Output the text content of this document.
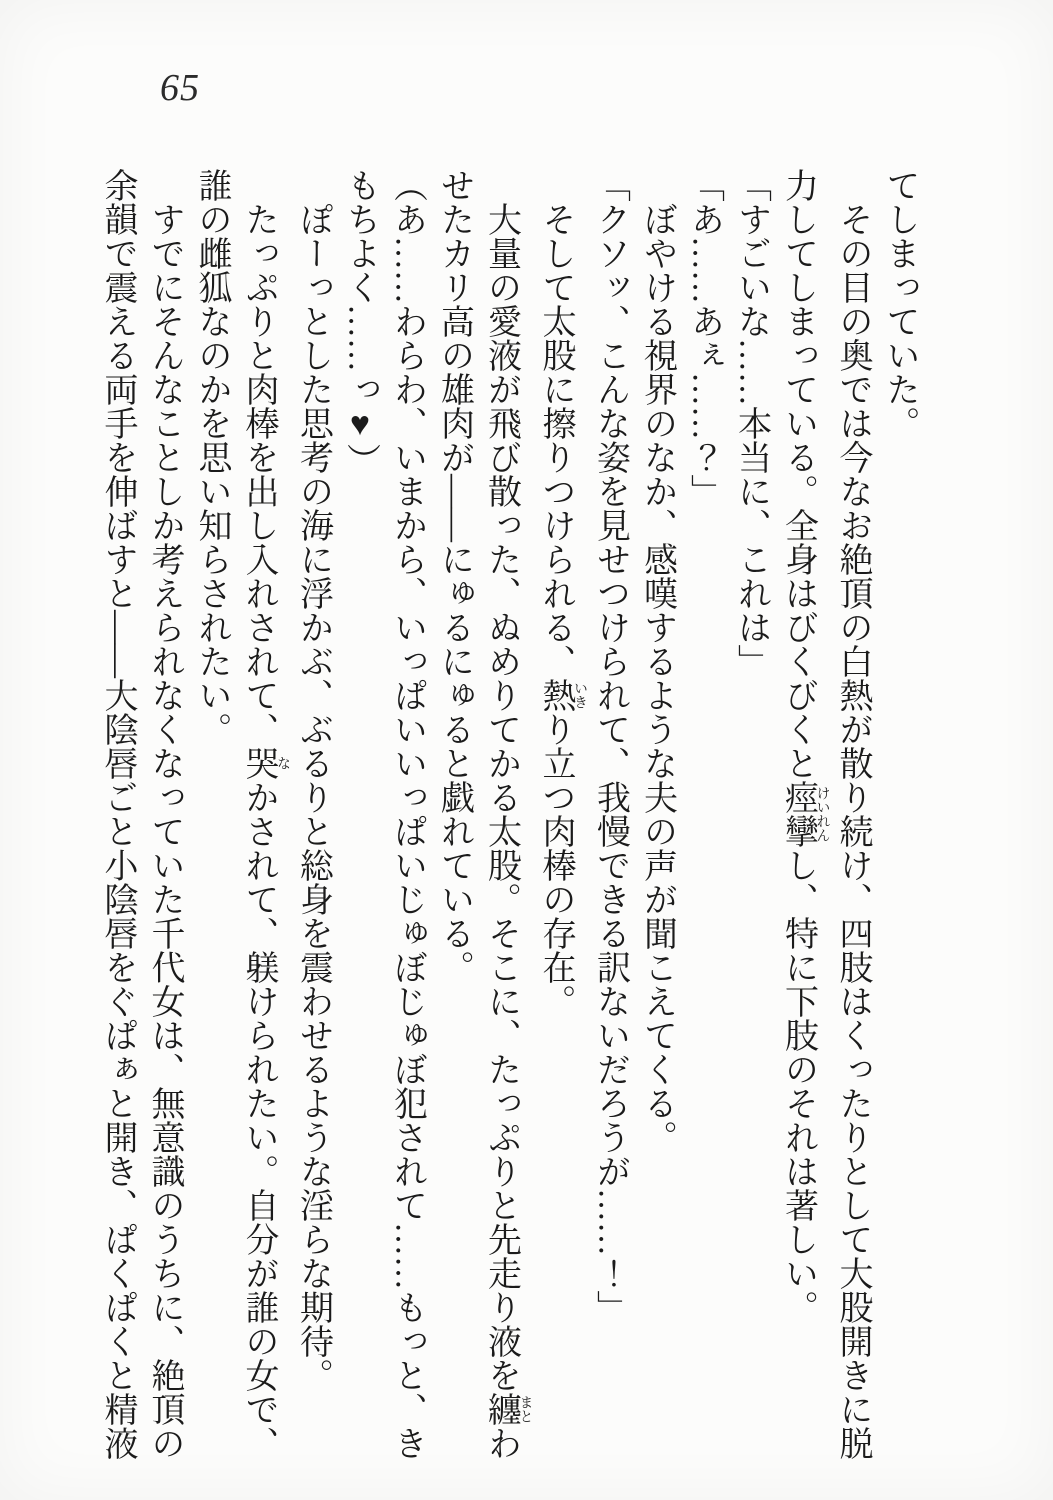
65

てしまっていた。

　その目の奥では今なお絶頂の白熱が散り続け、四肢はくったりとして大股開きに脱

力してしまっている。全身はびくびくと痙攣けいれんし、特に下肢のそれは著しい。

「すごいな……本当に、これは」

「あ……あぇ……？」

　ぼやける視界のなか、感嘆するような夫の声が聞こえてくる。

「クソッ、こんな姿を見せつけられて、我慢できる訳ないだろうが……！」

　そして太股に擦りつけられる、熱いきり立つ肉棒の存在。

　大量の愛液が飛び散った、ぬめりてかる太股。そこに、たっぷりと先走り液を纏まとわ

せたカリ高の雄肉が――にゅるにゅると戯れている。

（あ……わらわ、いまから、いっぱいいっぱいじゅぼじゅぼ犯されて……もっと、き

もちよく……っ♥）

　ぽーっとした思考の海に浮かぶ、ぶるりと総身を震わせるような淫らな期待。

　たっぷりと肉棒を出し入れされて、哭なかされて、躾けられたい。自分が誰の女で、

誰の雌狐なのかを思い知らされたい。

　すでにそんなことしか考えられなくなっていた千代女は、無意識のうちに、絶頂の

余韻で震える両手を伸ばすと――大陰唇ごと小陰唇をぐぱぁと開き、ぱくぱくと精液
